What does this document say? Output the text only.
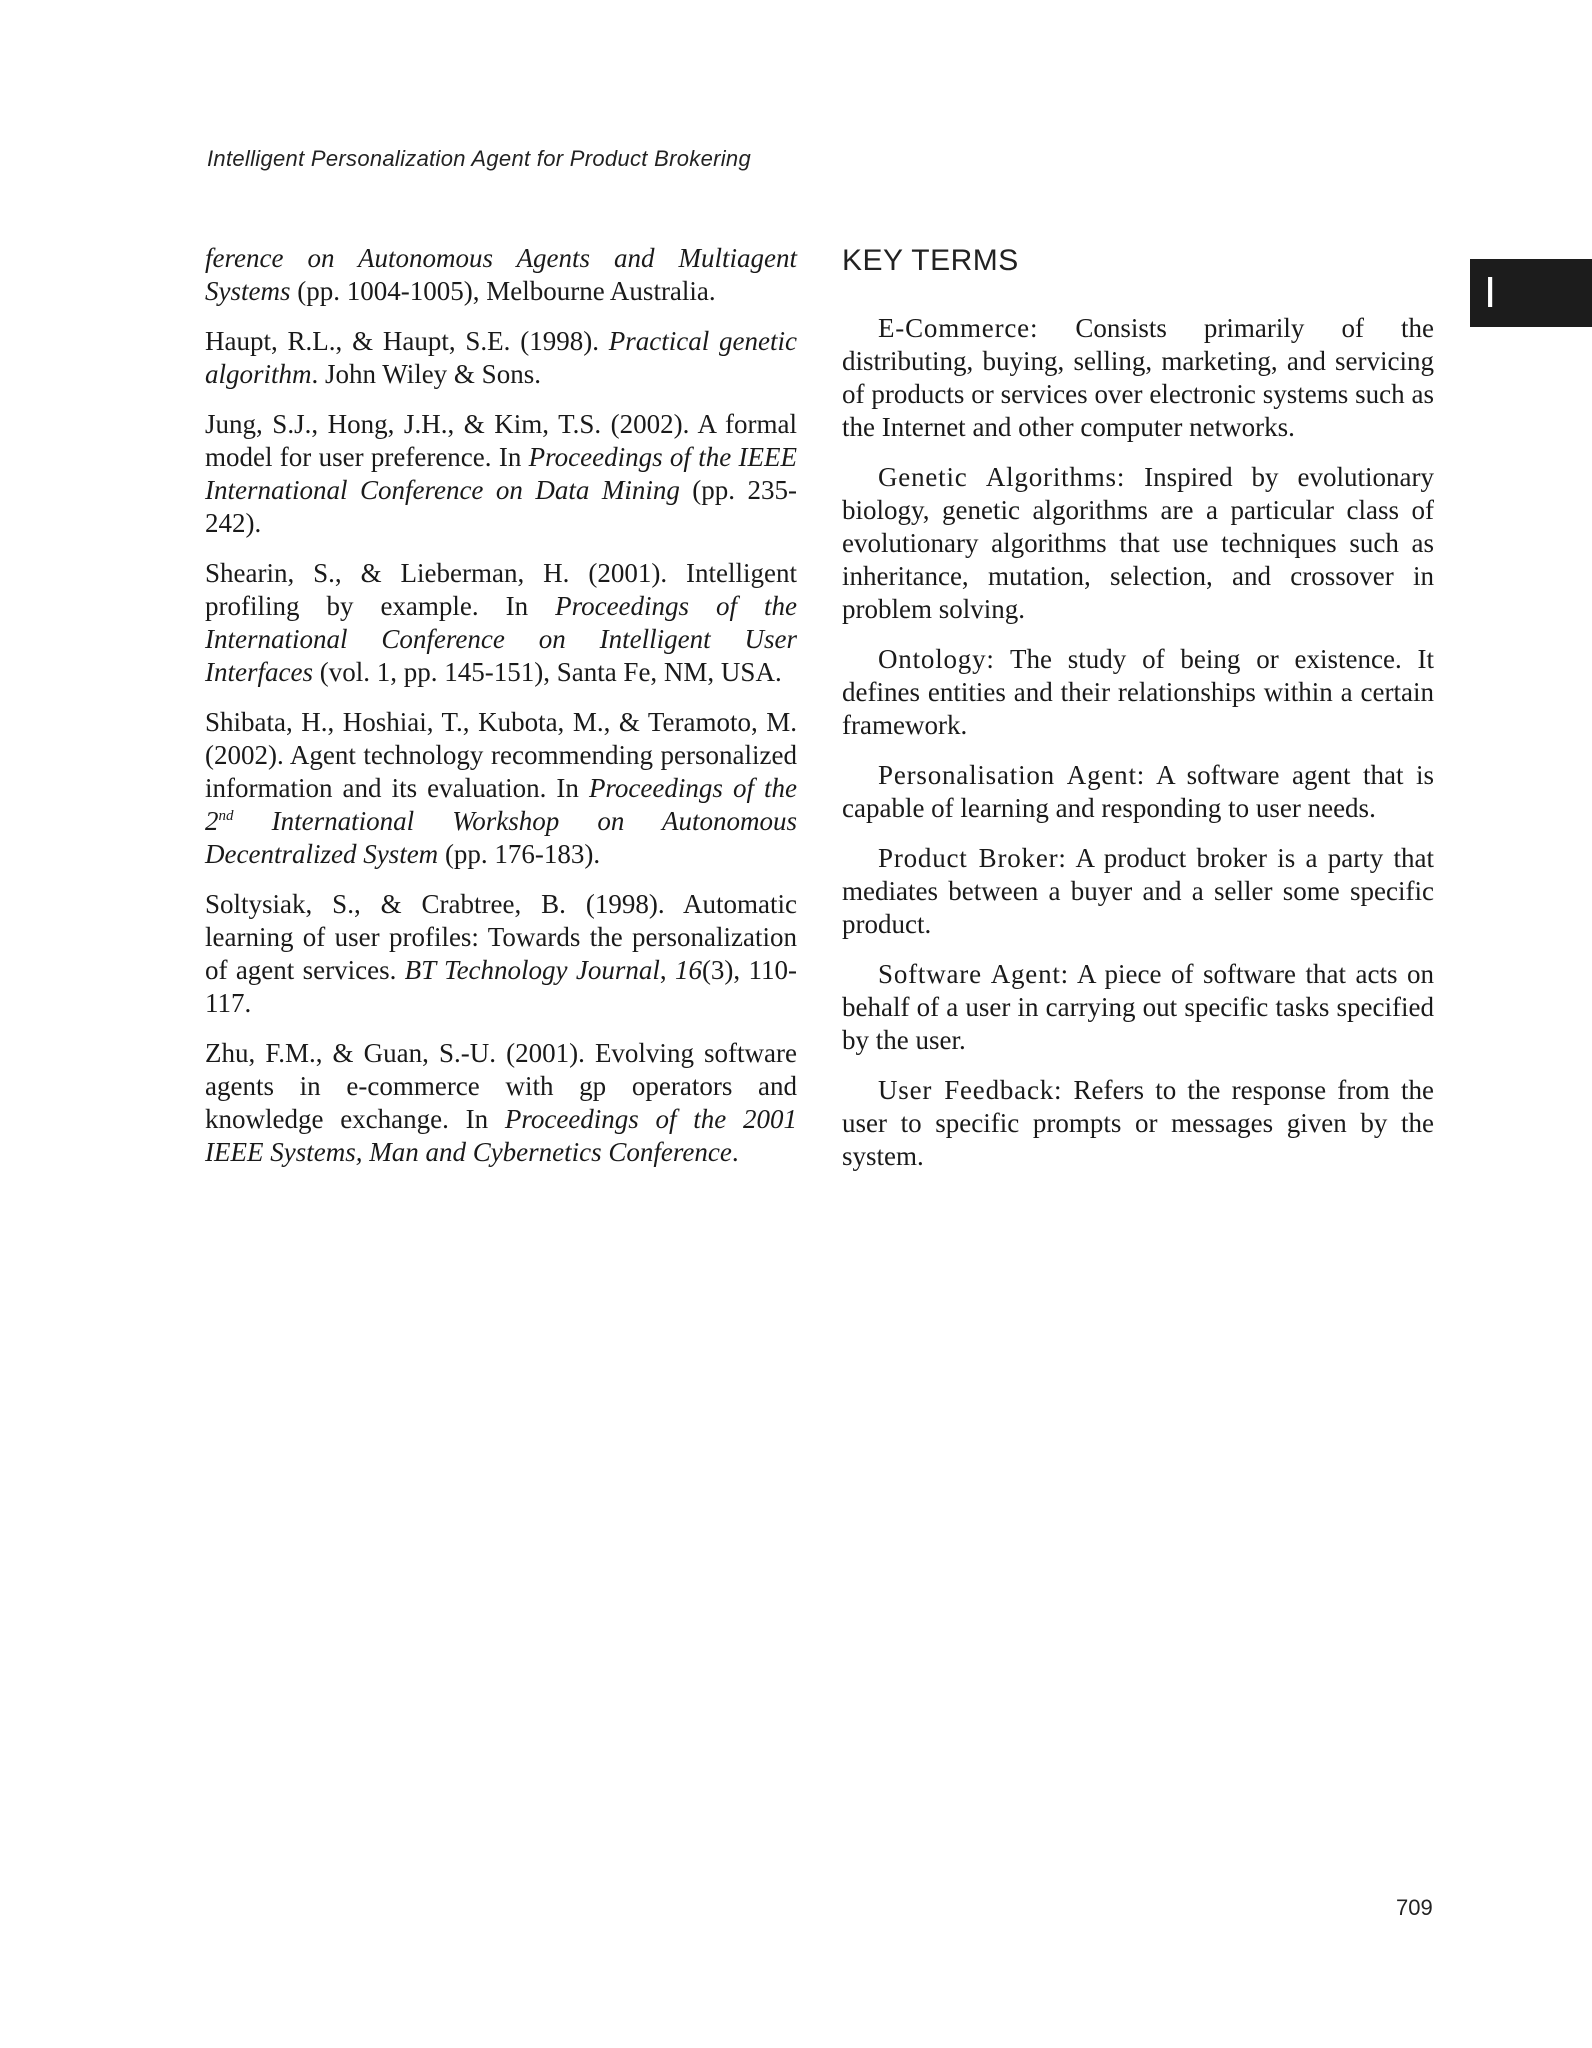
Intelligent Personalization Agent for Product Brokering
I

ference on Autonomous Agents and Multiagent Systems (pp. 1004-1005), Melbourne Australia.

Haupt, R.L., & Haupt, S.E. (1998). Practical genetic algorithm. John Wiley & Sons.

Jung, S.J., Hong, J.H., & Kim, T.S. (2002). A formal model for user preference. In Proceedings of the IEEE International Conference on Data Mining (pp. 235-242).

Shearin, S., & Lieberman, H. (2001). Intelligent profiling by example. In Proceedings of the International Conference on Intelligent User Interfaces (vol. 1, pp. 145-151), Santa Fe, NM, USA.

Shibata, H., Hoshiai, T., Kubota, M., & Teramoto, M. (2002). Agent technology recommending personalized information and its evaluation. In Proceedings of the 2nd International Workshop on Autonomous Decentralized System (pp. 176-183).

Soltysiak, S., & Crabtree, B. (1998). Automatic learning of user profiles: Towards the personalization of agent services. BT Technology Journal, 16(3), 110-117.

Zhu, F.M., & Guan, S.-U. (2001). Evolving software agents in e-commerce with gp operators and knowledge exchange. In Proceedings of the 2001 IEEE Systems, Man and Cybernetics Conference.

KEY TERMS

E-Commerce: Consists primarily of the distributing, buying, selling, marketing, and servicing of products or services over electronic systems such as the Internet and other computer networks.

Genetic Algorithms: Inspired by evolutionary biology, genetic algorithms are a particular class of evolutionary algorithms that use techniques such as inheritance, mutation, selection, and crossover in problem solving.

Ontology: The study of being or existence. It defines entities and their relationships within a certain framework.

Personalisation Agent: A software agent that is capable of learning and responding to user needs.

Product Broker: A product broker is a party that mediates between a buyer and a seller some specific product.

Software Agent: A piece of software that acts on behalf of a user in carrying out specific tasks specified by the user.

User Feedback: Refers to the response from the user to specific prompts or messages given by the system.

709
